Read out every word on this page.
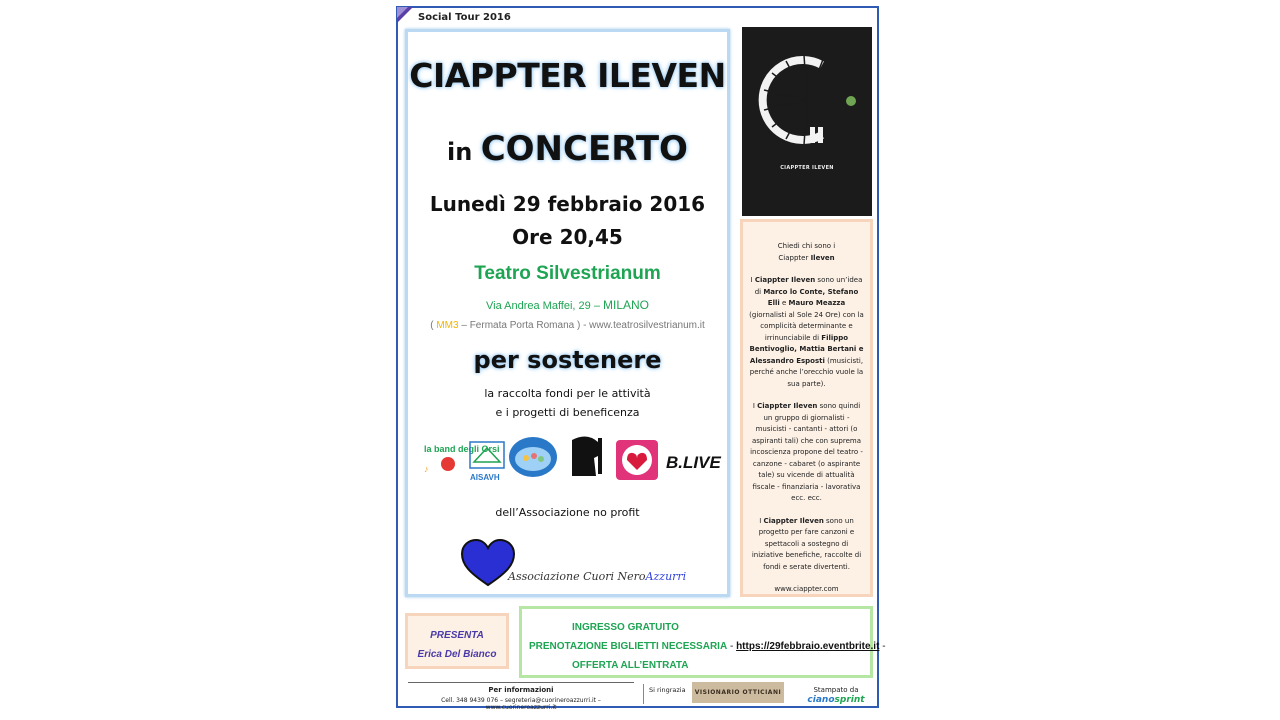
Social Tour 2016
CIAPPTER ILEVEN
in CONCERTO
Lunedì 29 febbraio 2016
Ore 20,45
Teatro Silvestrianum
Via Andrea Maffei, 29 – MILANO
( MM3 – Fermata Porta Romana ) - www.teatrosilvestrianum.it
per sostenere
la raccolta fondi per le attività
e i progetti di beneficenza
la band degli Orsi
♪
AISAVH
B.LIVE
dell’Associazione no profit
Associazione Cuori NeroAzzurri
CIAPPTER ILEVEN

Chiedi chi sono i
Ciappter Ileven

I Ciappter Ileven sono un’idea di Marco lo Conte, Stefano Elli e Mauro Meazza (giornalisti al Sole 24 Ore) con la complicità determinante e irrinunciabile di Filippo Bentivoglio, Mattia Bertani e Alessandro Esposti (musicisti, perché anche l’orecchio vuole la sua parte).

I Ciappter Ileven sono quindi un gruppo di giornalisti - musicisti - cantanti - attori (o aspiranti tali) che con suprema incoscienza propone del teatro - canzone - cabaret (o aspirante tale) su vicende di attualità fiscale - finanziaria - lavorativa ecc. ecc.

I Ciappter Ileven sono un progetto per fare canzoni e spettacoli a sostegno di iniziative benefiche, raccolte di fondi e serate divertenti.

www.ciappter.com

PRESENTA
Erica Del Bianco
INGRESSO GRATUITO
PRENOTAZIONE BIGLIETTI NECESSARIA - https://29febbraio.eventbrite.it -
OFFERTA ALL’ENTRATA
Per informazioni
Cell. 348 9439 076 – segreteria@cuorineroazzurri.it – www.cuorineroazzurri.it
Si ringrazia	VISIONARIO OTTICIANI	Stampato da
cianosprint
